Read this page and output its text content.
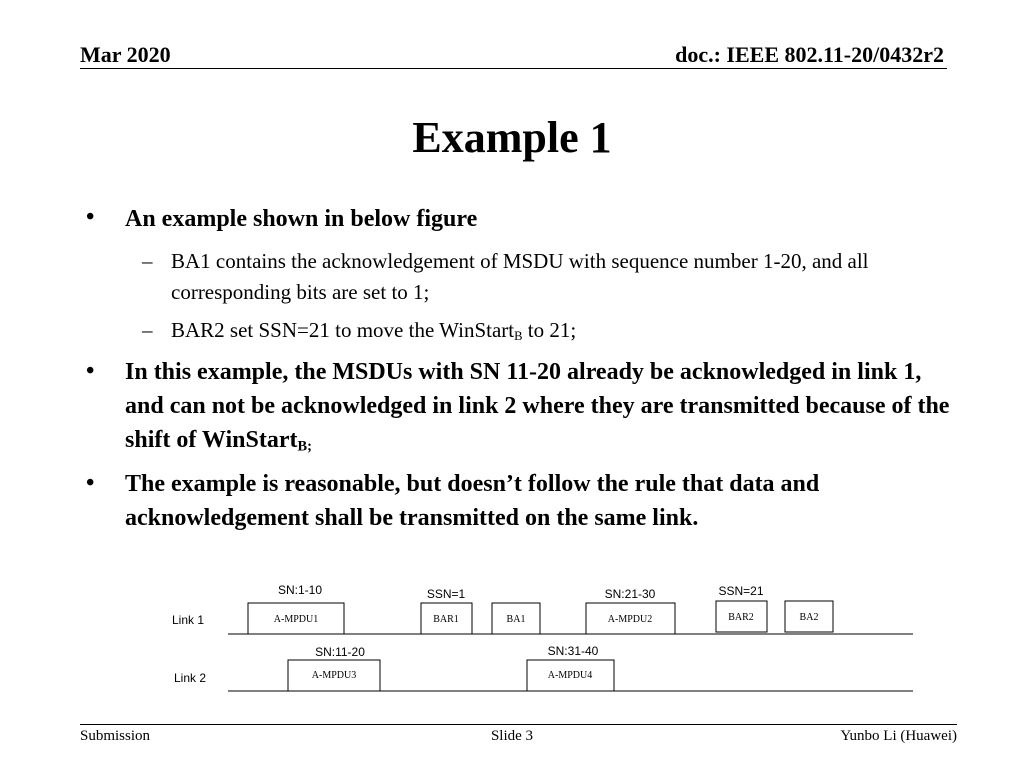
Mar 2020	doc.: IEEE 802.11-20/0432r2
Example 1
• An example shown in below figure
– BA1 contains the acknowledgement of MSDU with sequence number 1-20, and all corresponding bits are set to 1;
– BAR2 set SSN=21 to move the WinStart$_B$ to 21;
• In this example, the MSDUs with SN 11-20 already be acknowledged in link 1, and can not be acknowledged in link 2 where they are transmitted because of the shift of WinStart$_{B;}$
• The example is reasonable, but doesn’t follow the rule that data and acknowledgement shall be transmitted on the same link.
Link 1
Link 2
A-MPDU1	BAR1	BA1	A-MPDU2	BAR2	BA2
A-MPDU3	A-MPDU4
SN:1-10	SSN=1	SN:21-30	SSN=21
SN:11-20	SN:31-40
Submission	Slide 3	Yunbo Li (Huawei)
